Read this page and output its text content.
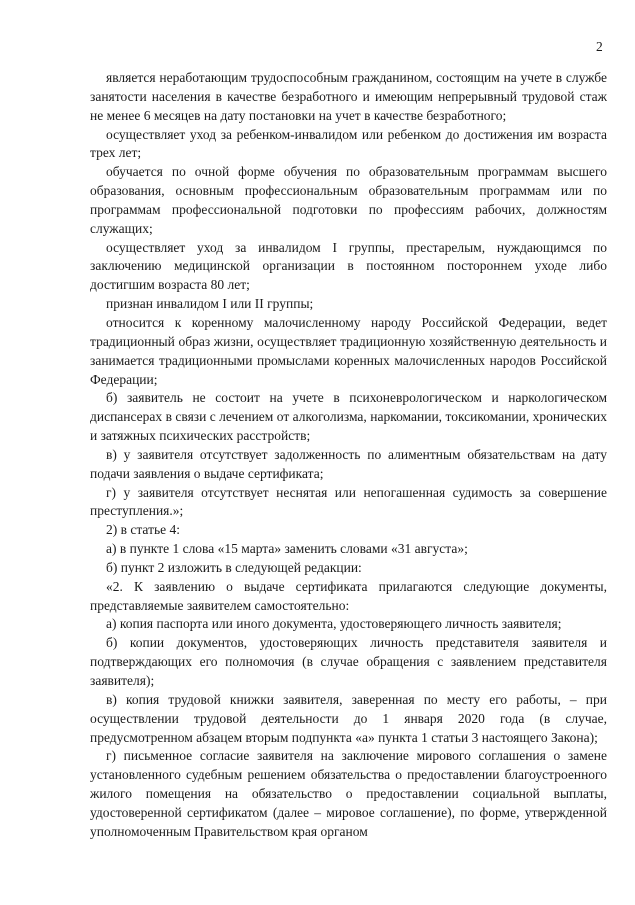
2

является неработающим трудоспособным гражданином, состоящим на учете в службе занятости населения в качестве безработного и имеющим непрерывный трудовой стаж не менее 6 месяцев на дату постановки на учет в качестве безработного;

осуществляет уход за ребенком-инвалидом или ребенком до достижения им возраста трех лет;

обучается по очной форме обучения по образовательным программам высшего образования, основным профессиональным образовательным программам или по программам профессиональной подготовки по профессиям рабочих, должностям служащих;

осуществляет уход за инвалидом I группы, престарелым, нуждающимся по заключению медицинской организации в постоянном постороннем уходе либо достигшим возраста 80 лет;

признан инвалидом I или II группы;

относится к коренному малочисленному народу Российской Федерации, ведет традиционный образ жизни, осуществляет традиционную хозяйственную деятельность и занимается традиционными промыслами коренных малочисленных народов Российской Федерации;

б) заявитель не состоит на учете в психоневрологическом и наркологическом диспансерах в связи с лечением от алкоголизма, наркомании, токсикомании, хронических и затяжных психических расстройств;

в) у заявителя отсутствует задолженность по алиментным обязательствам на дату подачи заявления о выдаче сертификата;

г) у заявителя отсутствует неснятая или непогашенная судимость за совершение преступления.»;

2) в статье 4:

а) в пункте 1 слова «15 марта» заменить словами «31 августа»;

б) пункт 2 изложить в следующей редакции:

«2. К заявлению о выдаче сертификата прилагаются следующие документы, представляемые заявителем самостоятельно:

а) копия паспорта или иного документа, удостоверяющего личность заявителя;

б) копии документов, удостоверяющих личность представителя заявителя и подтверждающих его полномочия (в случае обращения с заявлением представителя заявителя);

в) копия трудовой книжки заявителя, заверенная по месту его работы, – при осуществлении трудовой деятельности до 1 января 2020 года (в случае, предусмотренном абзацем вторым подпункта «а» пункта 1 статьи 3 настоящего Закона);

г) письменное согласие заявителя на заключение мирового соглашения о замене установленного судебным решением обязательства о предоставлении благоустроенного жилого помещения на обязательство о предоставлении социальной выплаты, удостоверенной сертификатом (далее – мировое соглашение), по форме, утвержденной уполномоченным Правительством края органом
